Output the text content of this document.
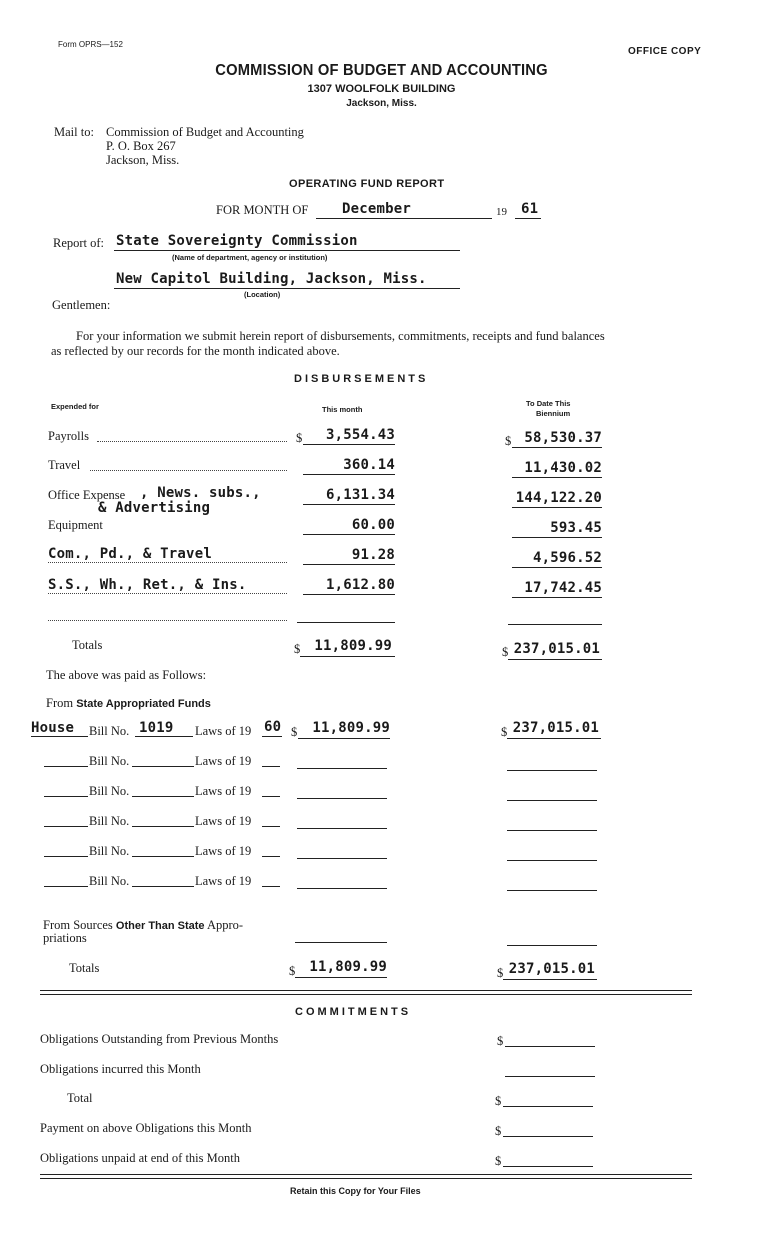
Form OPRS—152
OFFICE COPY
COMMISSION OF BUDGET AND ACCOUNTING
1307 WOOLFOLK BUILDING
Jackson, Miss.
Mail to: Commission of Budget and Accounting
P. O. Box 267
Jackson, Miss.
OPERATING FUND REPORT
FOR MONTH OF December	19 61
Report of: State Sovereignty Commission
(Name of department, agency or institution)
New Capitol Building, Jackson, Miss.
(Location)
Gentlemen:
For your information we submit herein report of disbursements, commitments, receipts and fund balances
as reflected by our records for the month indicated above.
DISBURSEMENTS
Expended for	This month
To Date This
Biennium
Payrolls	$	3,554.43	$ 58,530.37
Travel	360.14	11,430.02
Office Expense , News. subs.,
& Advertising
6,131.34	144,122.20
Equipment	60.00	593.45
Com., Pd., & Travel	91.28	4,596.52
S.S., Wh., Ret., & Ins.	1,612.80	17,742.45
Totals	$	11,809.99	$ 237,015.01
The above was paid as Follows:
From State Appropriated Funds
House Bill No. 1019 Laws of 19 60 $	11,809.99	$ 237,015.01
Bill No.	Laws of 19
Bill No.	Laws of 19
Bill No.	Laws of 19
Bill No.	Laws of 19
Bill No.	Laws of 19
From Sources Other Than State Appro-
priations
Totals	$	11,809.99	$ 237,015.01
COMMITMENTS
Obligations Outstanding from Previous Months	$
Obligations incurred this Month
Total	$
Payment on above Obligations this Month	$
Obligations unpaid at end of this Month	$
Retain this Copy for Your Files
